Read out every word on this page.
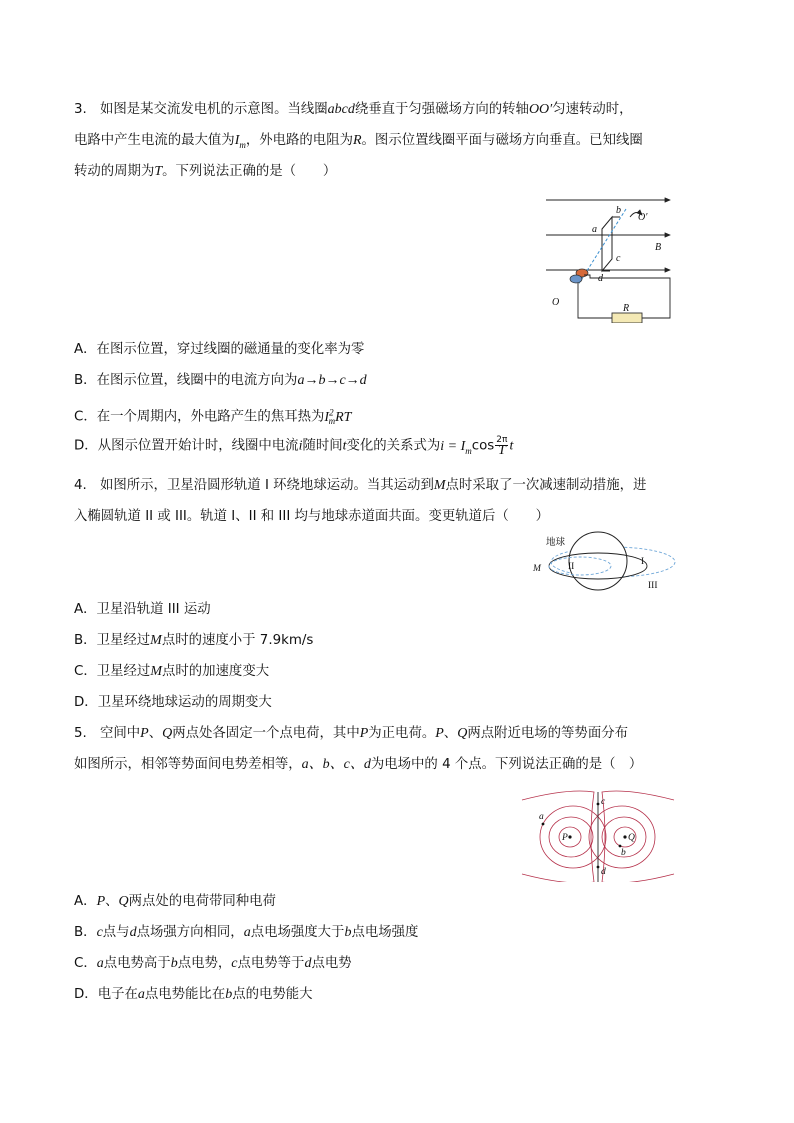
3. 如图是某交流发电机的示意图。当线圈abcd绕垂直于匀强磁场方向的转轴OO′匀速转动时，
电路中产生电流的最大值为$I_m$，外电路的电阻为R。图示位置线圈平面与磁场方向垂直。已知线圈
转动的周期为T。下列说法正确的是（　　）
b
a
O′
B
c
d
O
R
A．在图示位置，穿过线圈的磁通量的变化率为零
B．在图示位置，线圈中的电流方向为a→b→c→d
C．在一个周期内，外电路产生的焦耳热为$I^2_mRT$
D．从图示位置开始计时，线圈中电流i随时间t变化的关系式为$i = I_m\cos \frac{2\pi}{T}$ t
4. 如图所示，卫星沿圆形轨道 I 环绕地球运动。当其运动到M点时采取了一次减速制动措施，进
入椭圆轨道 II 或 III。轨道 I、II 和 III 均与地球赤道面共面。变更轨道后（　　）
地球
M	II	I
III
A．卫星沿轨道 III 运动
B．卫星经过M点时的速度小于 7.9km/s
C．卫星经过M点时的加速度变大
D．卫星环绕地球运动的周期变大
5. 空间中P、Q两点处各固定一个点电荷，其中P为正电荷。P、Q两点附近电场的等势面分布
如图所示，相邻等势面间电势差相等，a、b、c、d为电场中的 4 个点。下列说法正确的是（　）
a
c
P	Q
b
d
A．P、Q两点处的电荷带同种电荷
B．c点与d点场强方向相同，a点电场强度大于b点电场强度
C．a点电势高于b点电势，c点电势等于d点电势
D．电子在a点电势能比在b点的电势能大
